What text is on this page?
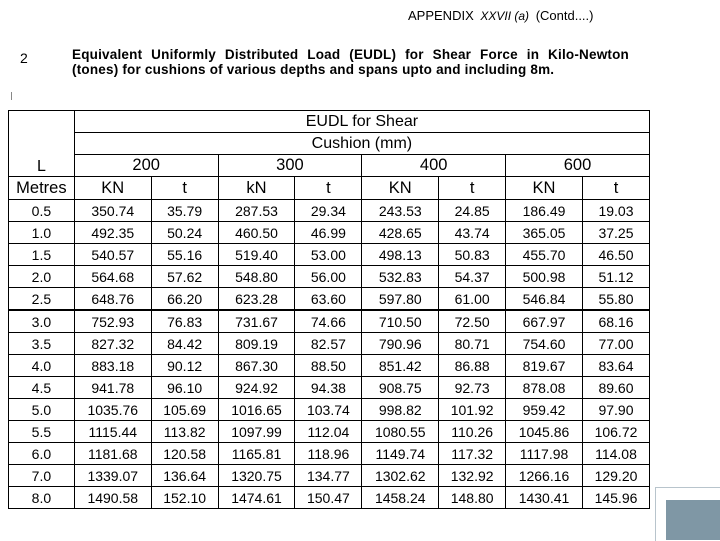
APPENDIX XXVII (a) (Contd....)
2	Equivalent Uniformly Distributed Load (EUDL) for Shear Force in Kilo-Newton (tones) for cushions of various depths and spans upto and including 8m.
L	EUDL for Shear							
	Cushion (mm)							
	200		300		400		600	
Metres	KN	t	kN	t	KN	t	KN	t
0.5	350.74	35.79	287.53	29.34	243.53	24.85	186.49	19.03
1.0	492.35	50.24	460.50	46.99	428.65	43.74	365.05	37.25
1.5	540.57	55.16	519.40	53.00	498.13	50.83	455.70	46.50
2.0	564.68	57.62	548.80	56.00	532.83	54.37	500.98	51.12
2.5	648.76	66.20	623.28	63.60	597.80	61.00	546.84	55.80
3.0	752.93	76.83	731.67	74.66	710.50	72.50	667.97	68.16
3.5	827.32	84.42	809.19	82.57	790.96	80.71	754.60	77.00
4.0	883.18	90.12	867.30	88.50	851.42	86.88	819.67	83.64
4.5	941.78	96.10	924.92	94.38	908.75	92.73	878.08	89.60
5.0	1035.76	105.69	1016.65	103.74	998.82	101.92	959.42	97.90
5.5	1115.44	113.82	1097.99	112.04	1080.55	110.26	1045.86	106.72
6.0	1181.68	120.58	1165.81	118.96	1149.74	117.32	1117.98	114.08
7.0	1339.07	136.64	1320.75	134.77	1302.62	132.92	1266.16	129.20
8.0	1490.58	152.10	1474.61	150.47	1458.24	148.80	1430.41	145.96
